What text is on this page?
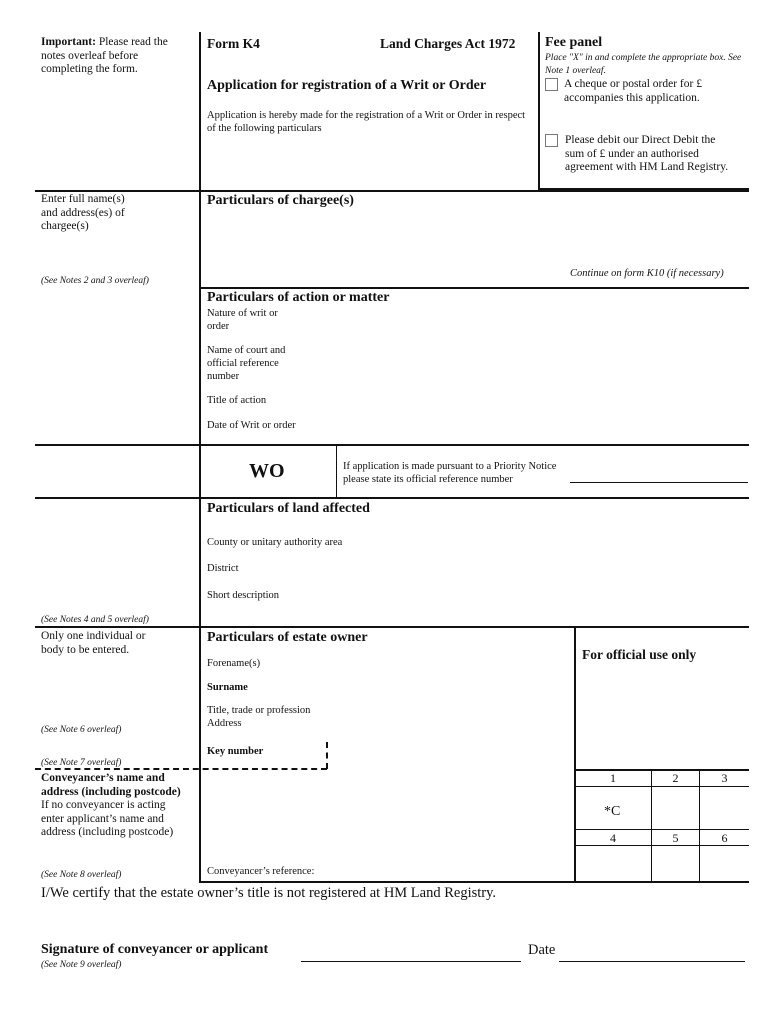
Important: Please read the notes overleaf before completing the form.
Form K4	Land Charges Act 1972
Application for registration of a Writ or Order
Application is hereby made for the registration of a Writ or Order in respect of the following particulars
Fee panel
Place "X" in and complete the appropriate box. See Note 1 overleaf.
A cheque or postal order for £ accompanies this application.
Please debit our Direct Debit the sum of £ under an authorised agreement with HM Land Registry.
Enter full name(s) and address(es) of chargee(s)
(See Notes 2 and 3 overleaf)
Particulars of chargee(s)
Continue on form K10 (if necessary)
Particulars of action or matter
Nature of writ or order
Name of court and official reference number
Title of action
Date of Writ or order
WO	If application is made pursuant to a Priority Notice please state its official reference number
Particulars of land affected
County or unitary authority area
District
Short description
(See Notes 4 and 5 overleaf)
Only one individual or body to be entered.
(See Note 6 overleaf)
Particulars of estate owner
Forename(s)
Surname
Title, trade or profession
Address
Key number
(See Note 7 overleaf)
For official use only
1	2	3
*C
4	5	6
Conveyancer’s name and address (including postcode)
If no conveyancer is acting enter applicant’s name and address (including postcode)
(See Note 8 overleaf)	Conveyancer’s reference:
I/We certify that the estate owner’s title is not registered at HM Land Registry.
Signature of conveyancer or applicant
(See Note 9 overleaf)
Date
